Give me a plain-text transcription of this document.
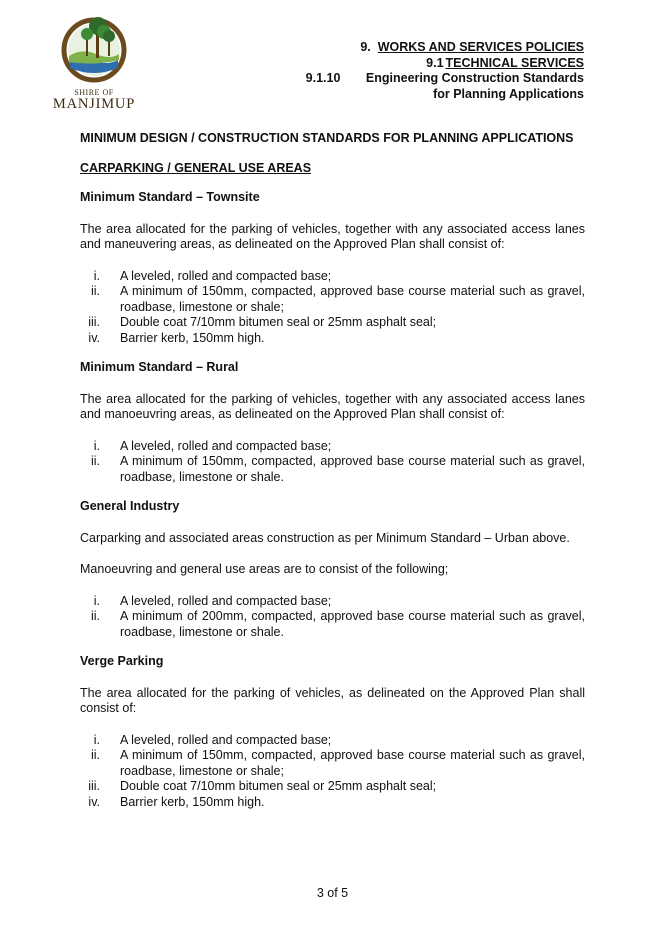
SHIRE OF
MANJIMUP
9. WORKS AND SERVICES POLICIES
9.1 TECHNICAL SERVICES
9.1.10 Engineering Construction Standards
for Planning Applications

MINIMUM DESIGN / CONSTRUCTION STANDARDS FOR PLANNING APPLICATIONS

CARPARKING / GENERAL USE AREAS

Minimum Standard – Townsite

The area allocated for the parking of vehicles, together with any associated access lanes and maneuvering areas, as delineated on the Approved Plan shall consist of:

i. A leveled, rolled and compacted base;
ii. A minimum of 150mm, compacted, approved base course material such as gravel, roadbase, limestone or shale;
iii. Double coat 7/10mm bitumen seal or 25mm asphalt seal;
iv. Barrier kerb, 150mm high.

Minimum Standard – Rural

The area allocated for the parking of vehicles, together with any associated access lanes and manoeuvring areas, as delineated on the Approved Plan shall consist of:

i. A leveled, rolled and compacted base;
ii. A minimum of 150mm, compacted, approved base course material such as gravel, roadbase, limestone or shale.

General Industry

Carparking and associated areas construction as per Minimum Standard – Urban above.

Manoeuvring and general use areas are to consist of the following;

i. A leveled, rolled and compacted base;
ii. A minimum of 200mm, compacted, approved base course material such as gravel, roadbase, limestone or shale.

Verge Parking

The area allocated for the parking of vehicles, as delineated on the Approved Plan shall consist of:

i. A leveled, rolled and compacted base;
ii. A minimum of 150mm, compacted, approved base course material such as gravel, roadbase, limestone or shale;
iii. Double coat 7/10mm bitumen seal or 25mm asphalt seal;
iv. Barrier kerb, 150mm high.
3 of 5
